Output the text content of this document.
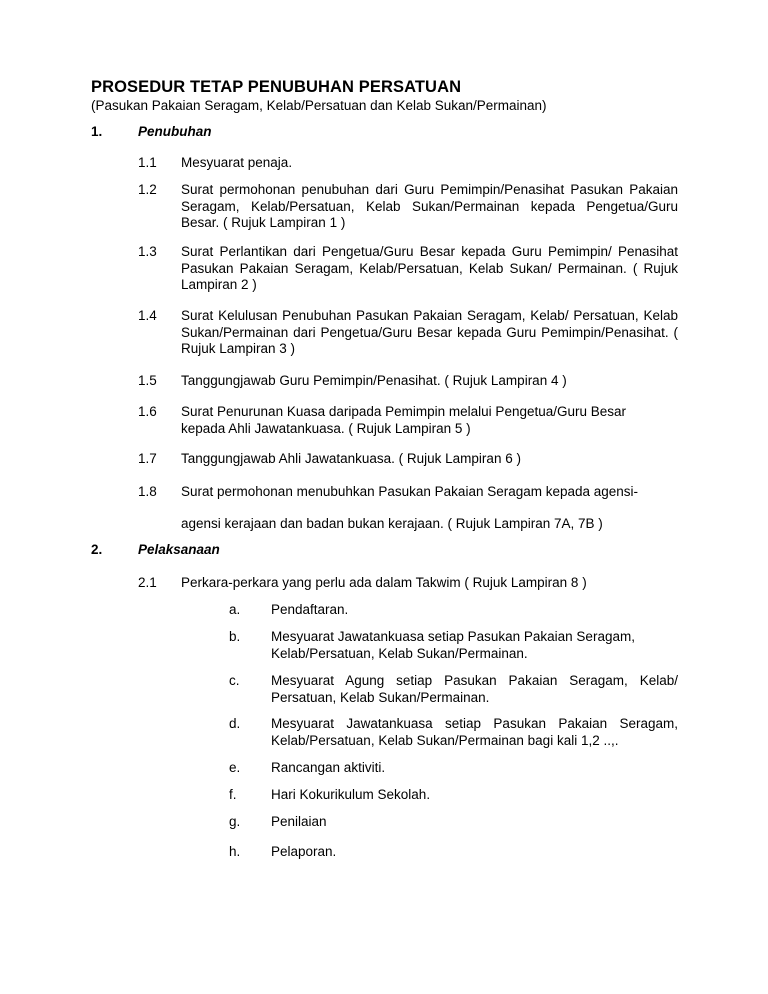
PROSEDUR TETAP PENUBUHAN PERSATUAN
(Pasukan Pakaian Seragam, Kelab/Persatuan dan Kelab Sukan/Permainan)
1.	Penubuhan
1.1 Mesyuarat penaja.
1.2 Surat permohonan penubuhan dari Guru Pemimpin/Penasihat Pasukan Pakaian Seragam, Kelab/Persatuan, Kelab Sukan/Permainan kepada Pengetua/Guru Besar. ( Rujuk Lampiran 1 )
1.3 Surat Perlantikan dari Pengetua/Guru Besar kepada Guru Pemimpin/ Penasihat Pasukan Pakaian Seragam, Kelab/Persatuan, Kelab Sukan/ Permainan. ( Rujuk Lampiran 2 )
1.4 Surat Kelulusan Penubuhan Pasukan Pakaian Seragam, Kelab/ Persatuan, Kelab Sukan/Permainan dari Pengetua/Guru Besar kepada Guru Pemimpin/Penasihat. ( Rujuk Lampiran 3 )
1.5 Tanggungjawab Guru Pemimpin/Penasihat. ( Rujuk Lampiran 4 )
1.6 Surat Penurunan Kuasa daripada Pemimpin melalui Pengetua/Guru Besar kepada Ahli Jawatankuasa. ( Rujuk Lampiran 5 )
1.7 Tanggungjawab Ahli Jawatankuasa. ( Rujuk Lampiran 6 )
1.8 Surat permohonan menubuhkan Pasukan Pakaian Seragam kepada agensi-
agensi kerajaan dan badan bukan kerajaan. ( Rujuk Lampiran 7A, 7B )
2.	Pelaksanaan
2.1 Perkara-perkara yang perlu ada dalam Takwim ( Rujuk Lampiran 8 )
a. Pendaftaran.
b. Mesyuarat Jawatankuasa setiap Pasukan Pakaian Seragam, Kelab/Persatuan, Kelab Sukan/Permainan.
c. Mesyuarat Agung setiap Pasukan Pakaian Seragam, Kelab/ Persatuan, Kelab Sukan/Permainan.
d. Mesyuarat Jawatankuasa setiap Pasukan Pakaian Seragam, Kelab/Persatuan, Kelab Sukan/Permainan bagi kali 1,2 ..,.
e. Rancangan aktiviti.
f.	Hari Kokurikulum Sekolah.
g. Penilaian
h. Pelaporan.
